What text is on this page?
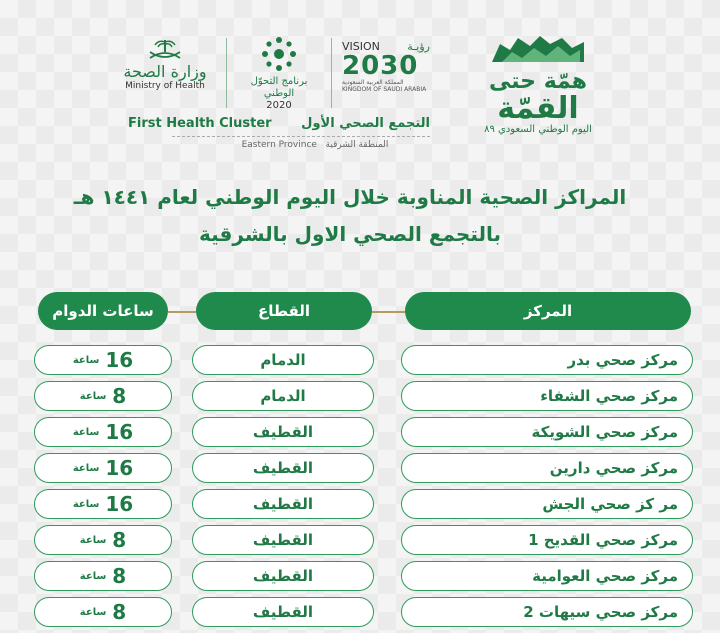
وزارة الصحة
Ministry of Health	برنامج التحوّل
الوطني
2020
VISION رؤيـة
2030
المملكة العربية السعودية
KINGDOM OF SAUDI ARABIA
التجمع الصحي الأول
First Health Cluster
Eastern Province المنطقة الشرقية
همّة حتى
القمّة
اليوم الوطني السعودي ٨٩
المراكز الصحية المناوبة خلال اليوم الوطني لعام ١٤٤١ هـ
بالتجمع الصحي الاول بالشرقية
المركز
القطاع
ساعات الدوام
مركز صحي بدر
الدمام
ساعة 16
مركز صحي الشفاء
الدمام
ساعة 8
مركز صحي الشويكة
القطيف
ساعة 16
مركز صحي دارين
القطيف
ساعة 16
مر كز صحي الجش
القطيف
ساعة 16
مركز صحي القديح 1
القطيف
ساعة 8
مركز صحي العوامية
القطيف
ساعة 8
مركز صحي سيهات 2
القطيف
ساعة 8
